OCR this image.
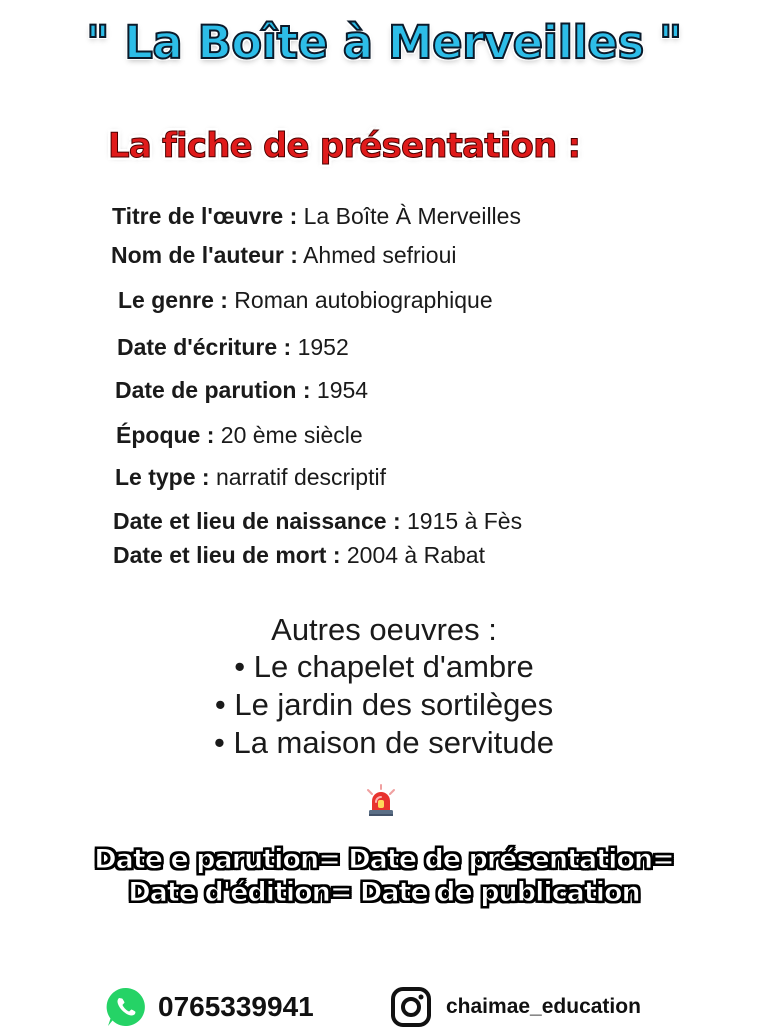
" La Boîte à Merveilles "
La fiche de présentation :
Titre de l'œuvre : La Boîte À Merveilles
Nom de l'auteur : Ahmed sefrioui
Le genre : Roman autobiographique
Date d'écriture : 1952
Date de parution : 1954
Époque : 20 ème siècle
Le type : narratif descriptif
Date et lieu de naissance : 1915 à Fès
Date et lieu de mort : 2004 à Rabat
Autres oeuvres :
• Le chapelet d'ambre
• Le jardin des sortilèges
• La maison de servitude
Date e parution= Date de présentation=
Date d'édition= Date de publication
0765339941	chaimae_education
